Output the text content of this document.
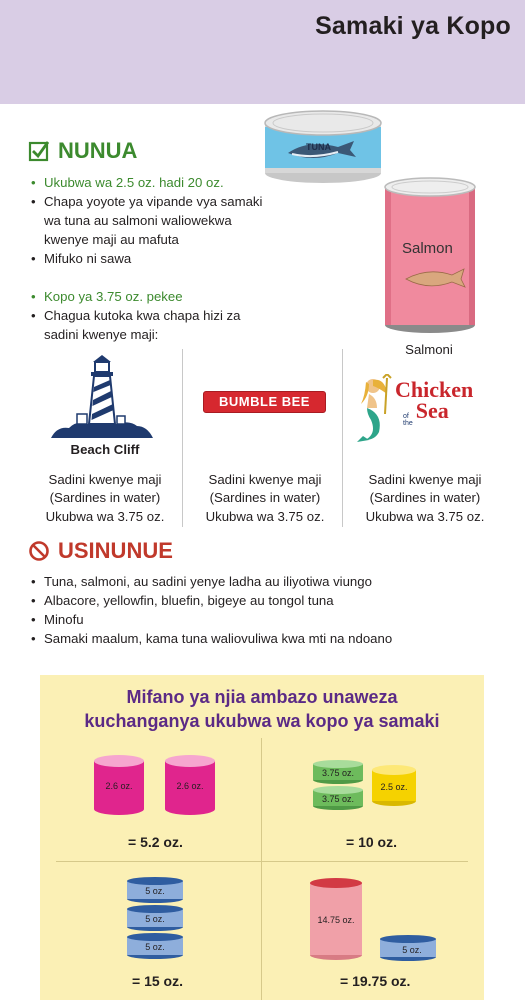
Samaki ya Kopo
NUNUA
• Ukubwa wa 2.5 oz. hadi 20 oz.
• Chapa yoyote ya vipande vya samaki wa tuna au salmoni waliowekwa kwenye maji au mafuta
• Mifuko ni sawa
• Kopo ya 3.75 oz. pekee
• Chagua kutoka kwa chapa hizi za sadini kwenye maji:
TUNA
Salmon
Salmoni
Beach Cliff
Sadini kwenye maji
(Sardines in water)
Ukubwa wa 3.75 oz.
BUMBLE BEE
Sadini kwenye maji
(Sardines in water)
Ukubwa wa 3.75 oz.
Chicken
of
the
Sea
Sadini kwenye maji
(Sardines in water)
Ukubwa wa 3.75 oz.
USINUNUE
• Tuna, salmoni, au sadini yenye ladha au iliyotiwa viungo
• Albacore, yellowfin, bluefin, bigeye au tongol tuna
• Minofu
• Samaki maalum, kama tuna waliovuliwa kwa mti na ndoano
Mifano ya njia ambazo unaweza
kuchanganya ukubwa wa kopo ya samaki
2.6 oz.	2.6 oz.
= 5.2 oz.
3.75 oz.
3.75 oz.
2.5 oz.
= 10 oz.
5 oz.
5 oz.
5 oz.
= 15 oz.
14.75 oz.
5 oz.
= 19.75 oz.
